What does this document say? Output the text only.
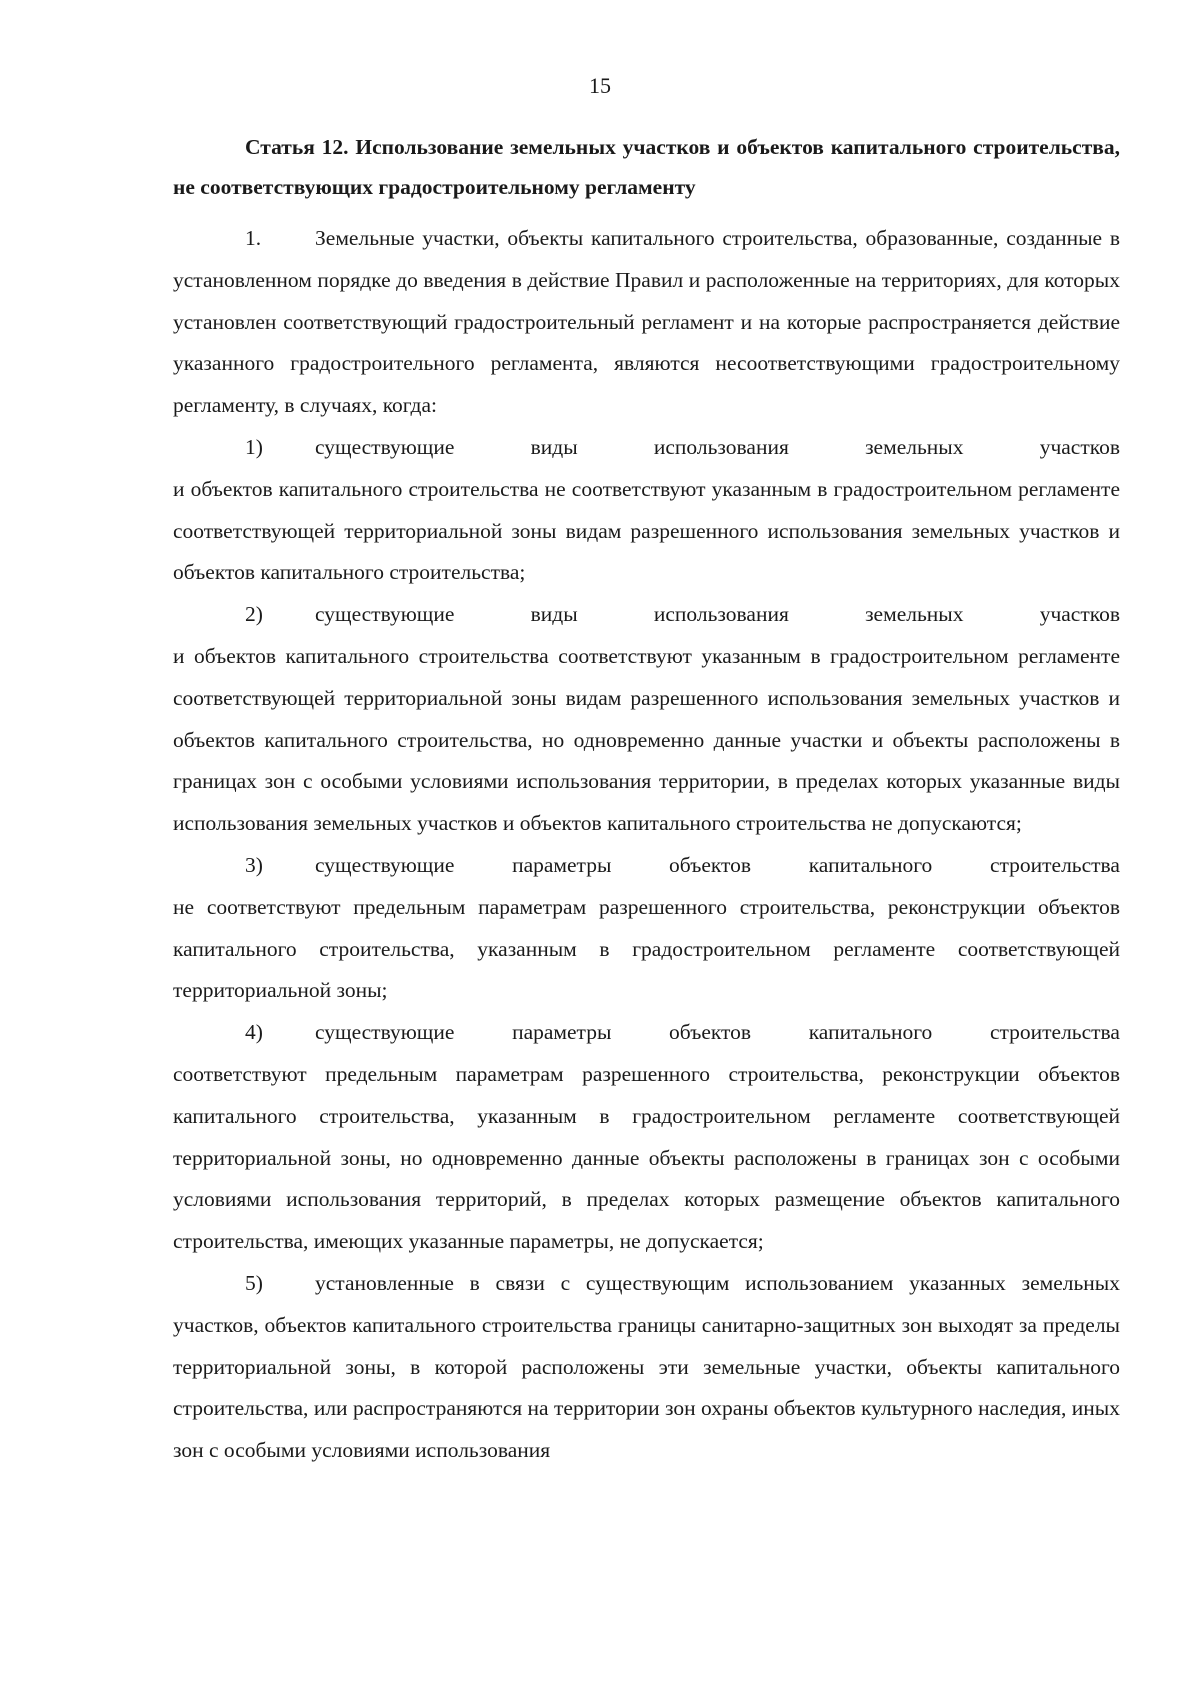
15
Статья 12. Использование земельных участков и объектов капитального строительства, не соответствующих градостроительному регламенту

1.	Земельные участки, объекты капитального строительства, образованные, созданные в установленном порядке до введения в действие Правил и расположенные на территориях, для которых установлен соответствующий градостроительный регламент и на которые распространяется действие указанного градостроительного регламента, являются несоответствующими градостроительному регламенту, в случаях, когда:

1)	существующие	виды	использования	земельных	участков
и объектов капитального строительства не соответствуют указанным в градостроительном регламенте соответствующей территориальной зоны видам разрешенного использования земельных участков и объектов капитального строительства;
2)	существующие	виды	использования	земельных	участков
и объектов капитального строительства соответствуют указанным в градостроительном регламенте соответствующей территориальной зоны видам разрешенного использования земельных участков и объектов капитального строительства, но одновременно данные участки и объекты расположены в границах зон с особыми условиями использования территории, в пределах которых указанные виды использования земельных участков и объектов капитального строительства не допускаются;
3)	существующие	параметры	объектов	капитального	строительства
не соответствуют предельным параметрам разрешенного строительства, реконструкции объектов капитального строительства, указанным в градостроительном регламенте соответствующей территориальной зоны;
4)	существующие	параметры	объектов	капитального	строительства
соответствуют предельным параметрам разрешенного строительства, реконструкции объектов капитального строительства, указанным в градостроительном регламенте соответствующей территориальной зоны, но одновременно данные объекты расположены в границах зон с особыми условиями использования территорий, в пределах которых размещение объектов капитального строительства, имеющих указанные параметры, не допускается;

5) установленные в связи с существующим использованием указанных земельных участков, объектов капитального строительства границы санитарно-защитных зон выходят за пределы территориальной зоны, в которой расположены эти земельные участки, объекты капитального строительства, или распространяются на территории зон охраны объектов культурного наследия, иных зон с особыми условиями использования
